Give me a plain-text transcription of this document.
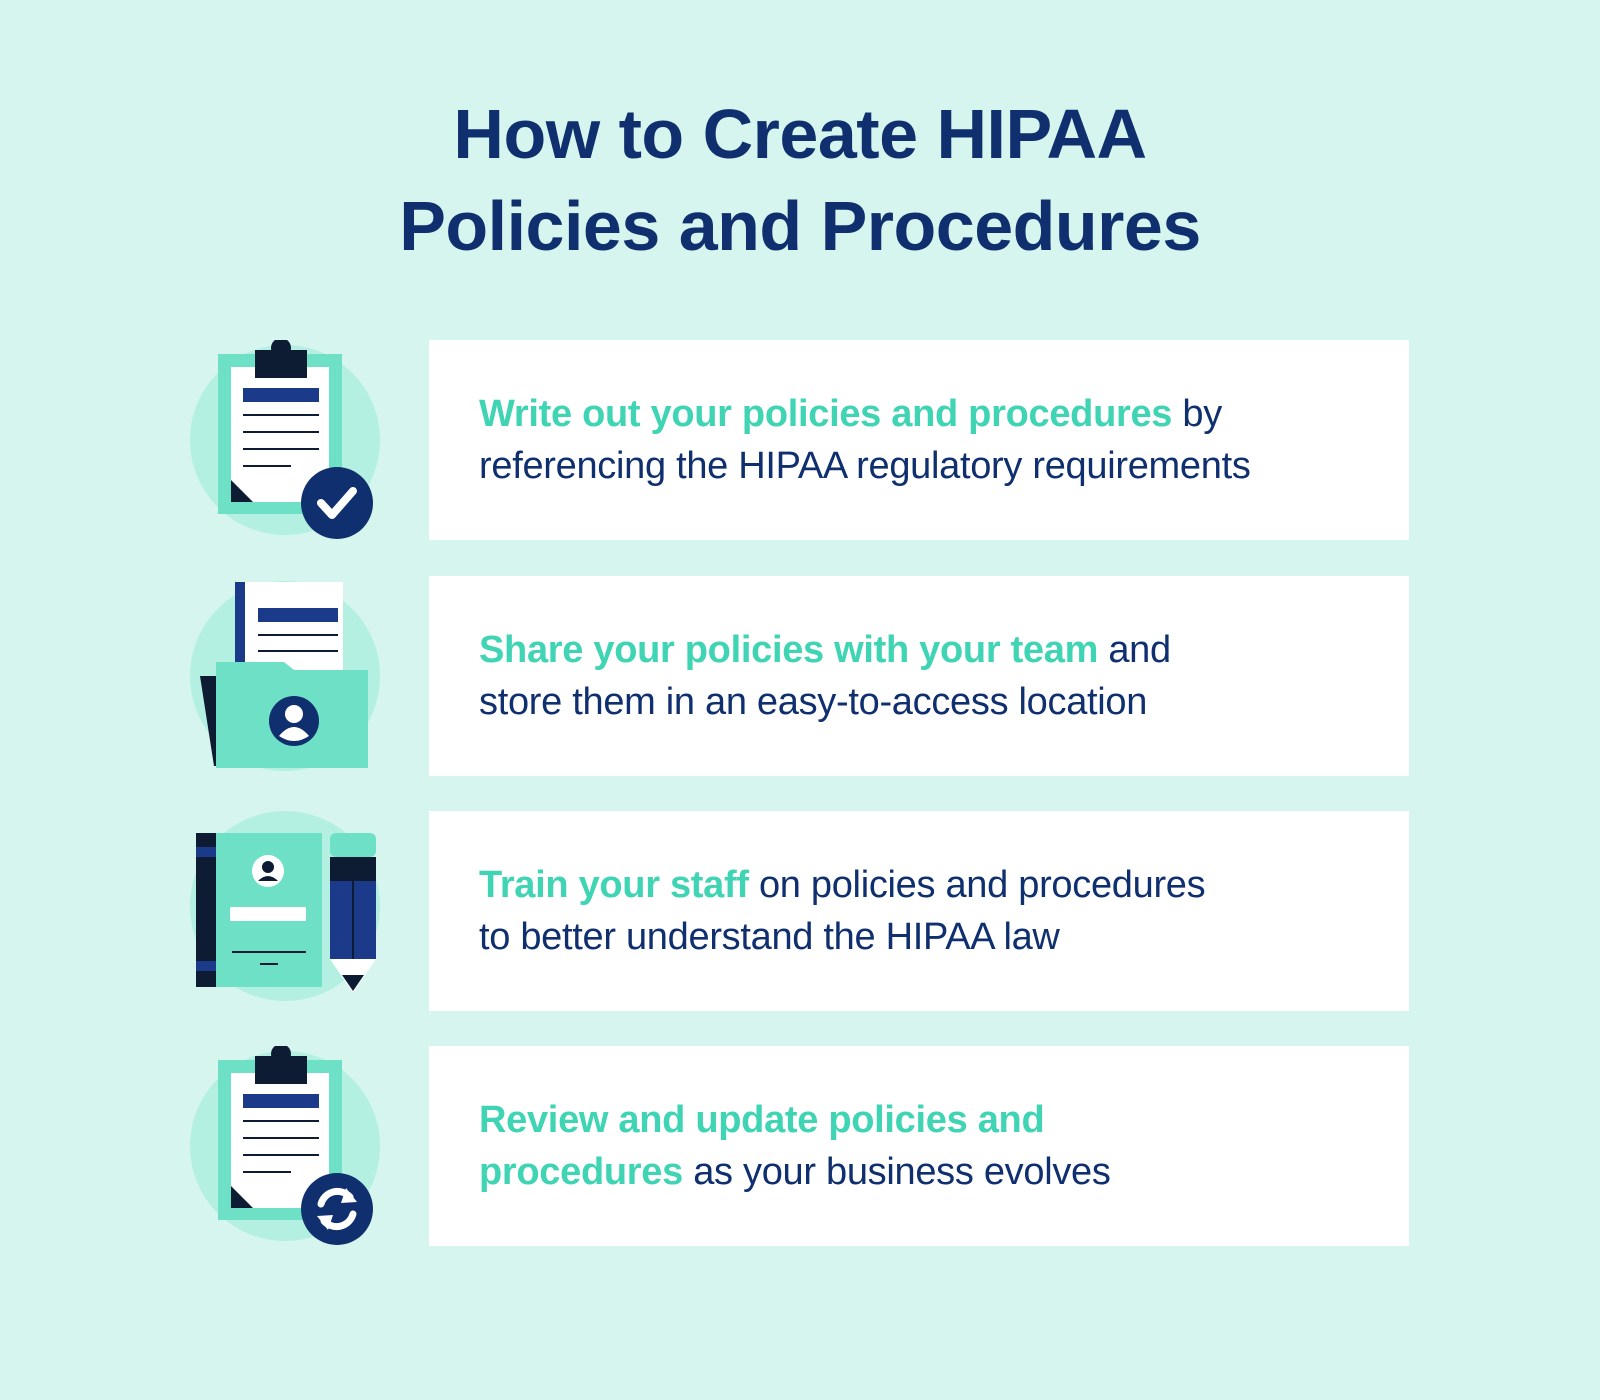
How to Create HIPAA
Policies and Procedures

Write out your policies and procedures by
referencing the HIPAA regulatory requirements

Share your policies with your team and
store them in an easy-to-access location

Train your staff on policies and procedures
to better understand the HIPAA law

Review and update policies and
procedures as your business evolves
